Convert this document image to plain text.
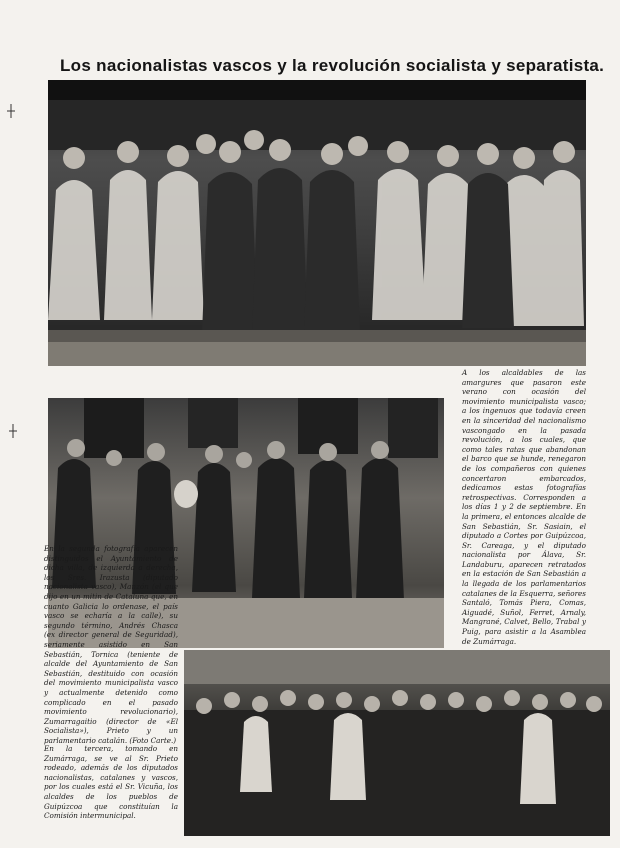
Los nacionalistas vascos y la revolución socialista y separatista.
A los alcaldables de las amargures que pasaron este verano con ocasión del movimiento municipalista vasco; a los ingenuos que todavía creen en la sinceridad del nacionalismo vascongado en la pasada revolución, a los cuales, que como tales ratas que abandonan el barco que se hunde, renegaron de los compañeros con quienes concertaron embarcados, dedicamos estas fotografías retrospectivas. Corresponden a los días 1 y 2 de septiembre. En la primera, el entonces alcalde de San Sebastián, Sr. Sasiain, el diputado a Cortes por Guipúzcoa, Sr. Careaga, y el diputado nacionalista por Álava, Sr. Landaburu, aparecen retratados en la estación de San Sebastián a la llegada de los parlamentarios catalanes de la Esquerra, señores Santaló, Tomás Piera, Comas, Aiguadé, Suñol, Ferret, Arnaly, Mangrané, Calvet, Bello, Trabal y Puig, para asistir a la Asamblea de Zumárraga.
En la segunda fotografía aparecen distinguidos el Ayuntamiento de dicha villa, de izquierda a derecha, los Sres. Irazusta (diputado nacionalista vasco), Manzón (el que dijo en un mitin de Cataluña que, en cuanto Galicia lo ordenase, el país vasco se echaría a la calle), su segundo término, Andrés Chasca (ex director general de Seguridad), seriamente asistido en San Sebastián, Tornica (teniente de alcalde del Ayuntamiento de San Sebastián, destituido con ocasión del movimiento municipalista vasco y actualmente detenido como complicado en el pasado movimiento revolucionario), Zumarragaitio (director de «El Socialista»), Prieto y un parlamentario catalán. (Foto Carte.)
En la tercera, tomando en Zumárraga, se ve al Sr. Prieto rodeado, además de los diputados nacionalistas, catalanes y vascos, por los cuales está el Sr. Vicuña, los alcaldes de los pueblos de Guipúzcoa que constituían la Comisión intermunicipal.
